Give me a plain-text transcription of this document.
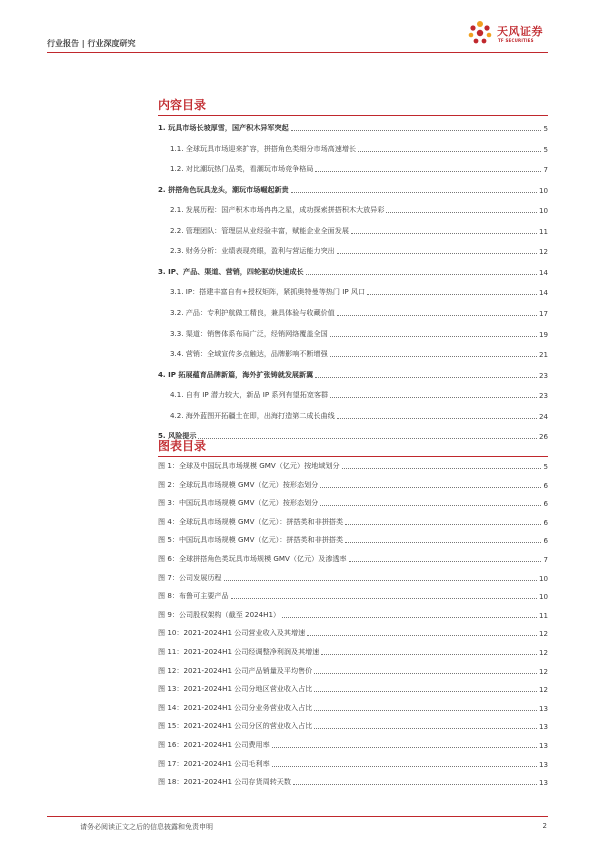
行业报告 | 行业深度研究
天风证券
TF SECURITIES
内容目录
1. 玩具市场长坡厚雪，国产积木异军突起	5
1.1. 全球玩具市场迎来扩容，拼搭角色类细分市场高速增长	5
1.2. 对比潮玩热门品类，看潮玩市场竞争格局	7
2. 拼搭角色玩具龙头，潮玩市场崛起新贵	10
2.1. 发展历程：国产积木市场冉冉之星，成功探索拼搭积木大放异彩	10
2.2. 管理团队：管理层从业经验丰富，赋能企业全面发展	11
2.3. 财务分析：业绩表现亮眼，盈利与营运能力突出	12
3. IP、产品、渠道、营销，四轮驱动快速成长	14
3.1. IP：搭建丰富自有+授权矩阵，紧抓奥特曼等热门 IP 风口	14
3.2. 产品：专利护航做工精良，兼具体验与收藏价值	17
3.3. 渠道：销售体系布局广泛，经销网络覆盖全国	19
3.4. 营销：全域宣传多点触达，品牌影响不断增强	21
4. IP 拓展蕴育品牌新篇，海外扩张铸就发展新翼	23
4.1. 自有 IP 潜力较大，新品 IP 系列有望拓宽客群	23
4.2. 海外蓝图开拓疆土在即，出海打造第二成长曲线	24
5. 风险提示	26
图表目录
图 1：全球及中国玩具市场规模 GMV（亿元）按地域划分	5
图 2：全球玩具市场规模 GMV（亿元）按形态划分	6
图 3：中国玩具市场规模 GMV（亿元）按形态划分	6
图 4：全球玩具市场规模 GMV（亿元）：拼搭类和非拼搭类	6
图 5：中国玩具市场规模 GMV（亿元）：拼搭类和非拼搭类	6
图 6：全球拼搭角色类玩具市场规模 GMV（亿元）及渗透率	7
图 7：公司发展历程	10
图 8：布鲁可主要产品	10
图 9：公司股权架构（截至 2024H1）	11
图 10：2021-2024H1 公司营业收入及其增速	12
图 11：2021-2024H1 公司经调整净利润及其增速	12
图 12：2021-2024H1 公司产品销量及平均售价	12
图 13：2021-2024H1 公司分地区营业收入占比	12
图 14：2021-2024H1 公司分业务营业收入占比	13
图 15：2021-2024H1 公司分区的营业收入占比	13
图 16：2021-2024H1 公司费用率	13
图 17：2021-2024H1 公司毛利率	13
图 18：2021-2024H1 公司存货周转天数	13
请务必阅读正文之后的信息披露和免责申明	2
